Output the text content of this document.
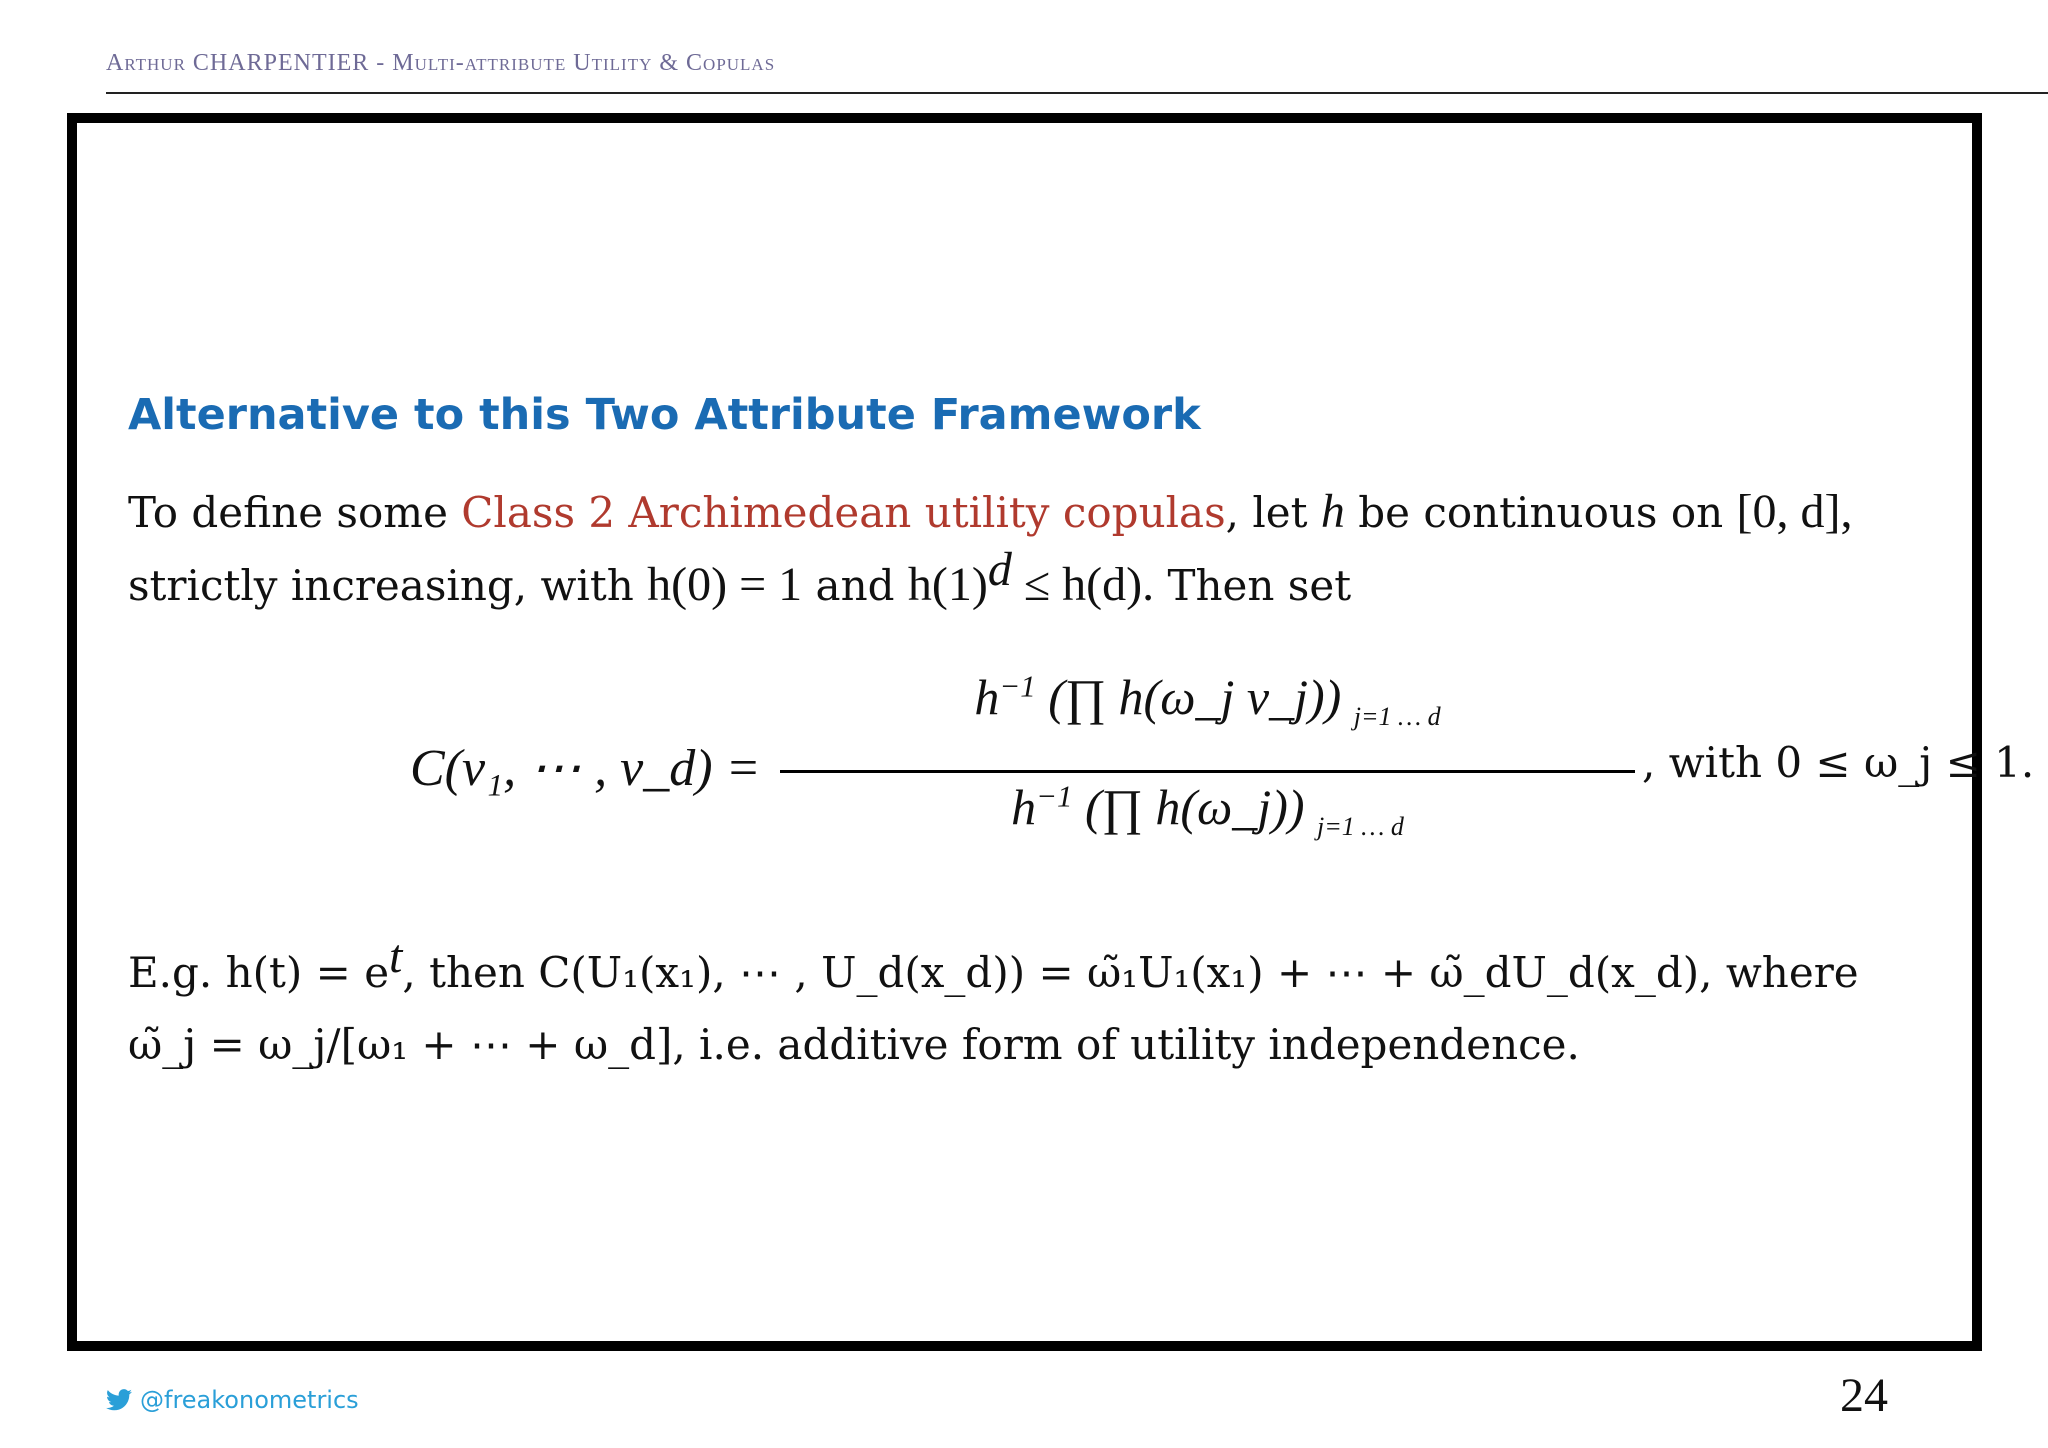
Arthur CHARPENTIER - Multi-attribute Utility & Copulas
Alternative to this Two Attribute Framework
To define some Class 2 Archimedean utility copulas, let h be continuous on [0, d],
strictly increasing, with h(0) = 1 and $h(1)^d \le h(d)$. Then set
C(v₁, ⋯ , v_d) =
$h^{-1}$ (∏ h(ω_j v_j)) $_{j=1 \dots d}$
$h^{-1}$ (∏ h(ω_j)) $_{j=1 \dots d}$
, with 0 ≤ ω_j ≤ 1.
E.g. $h(t) = e^t$, then C(U₁(x₁), ⋯ , U_d(x_d)) = ω̃₁U₁(x₁) + ⋯ + ω̃_dU_d(x_d), where
ω̃_j = ω_j/[ω₁ + ⋯ + ω_d], i.e. additive form of utility independence.
@freakonometrics	24
